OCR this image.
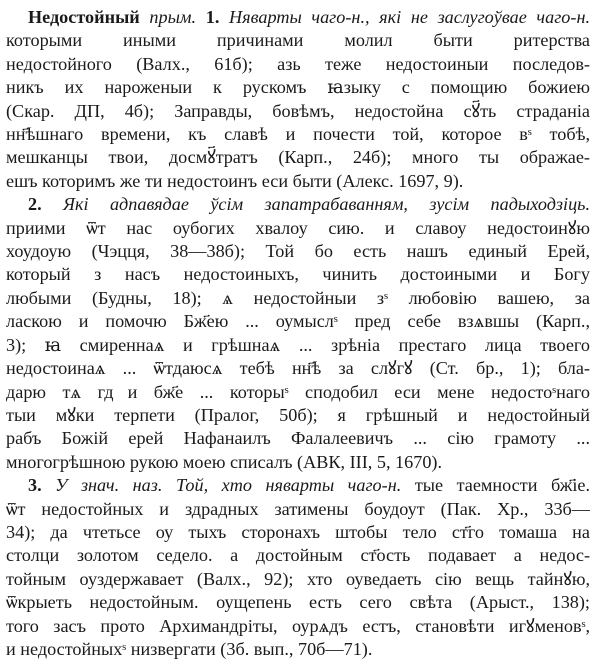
Недостойный прым. 1. Няварты чаго-н., які не заслугоўвае чаго-н.
которыми иными причинами молил быти ритерства
недостойного (Валх., 61б); азь теже недостоиныи последов-
никъ их нароженыи к рускомъ ꙗзыку с помощию божиею
(Скар. ДП, 4б); Заправды, бовѣмъ, недостойна сꙋ҃ть страданіа
нн҃ѣшнаго времени, къ славѣ и почести той, которое вˢ тобѣ,
мешканцы твои, досмꙋ҃тpатъ (Карп., 24б); много ты ображае-
ешъ которимъ же ти недостоинъ еси быти (Алекс. 1697, 9).
2. Які адпавядае ўсім запатрабаванням, зусім падыходзіць.
приими ѿт нас оубогих хвалоу сию. и славоу недостоинꙋю
хоудоую (Чэцця, 38—38б); Той бо есть нашъ единый Ерей,
который з насъ недостоиныхъ, чинить достоиными и Богу
любыми (Будны, 18); ѧ недостойныи зˢ любовію вашею, за
ласкою и помочю Бж҃ею ... оумыслˢ пред себе взѧвшы (Карп.,
3); ꙗ смиреннаѧ и грѣшнаѧ ... зрѣніа престаго лица твоего
недостоинаѧ ... ѿтдаюсѧ тебѣ нн҃ѣ за слꙋгꙋ (Ст. бр., 1); бла-
дарю тѧ гдⷭи бж҃е ... которыˢ сподобил еси мене недостоˢнаго
тыи мꙋки терпети (Пралог, 50б); я грѣшный и недостойный
рабъ Божій ерей Нафанаилъ Фалалеевичъ ... сію грамоту ...
многогрѣшною рукою моею списалъ (АВК, III, 5, 1670).
3. У знач. наз. Той, хто няварты чаго-н. тые таемности бж҃іе.
ѿт недостойных и здрадных затимены боудоут (Пак. Хр., 33б—
34); да чтетьсе оу тыхъ сторонахъ штобы тело ст҃го томаша на
столци золотом седело. а достойным ст҃ость подавает а недос-
тойным оуздержавает (Валх., 92); хто оуведаеть сію вещь тайнꙋю,
ѿкрыеть недостойным. оущепень есть сего свѣта (Арыст., 138);
того засъ прото Архимандріты, оурѧдъ естъ, становѣти игꙋменовˢ,
и недостойныхˢ низвергати (3б. вып., 70б—71).
